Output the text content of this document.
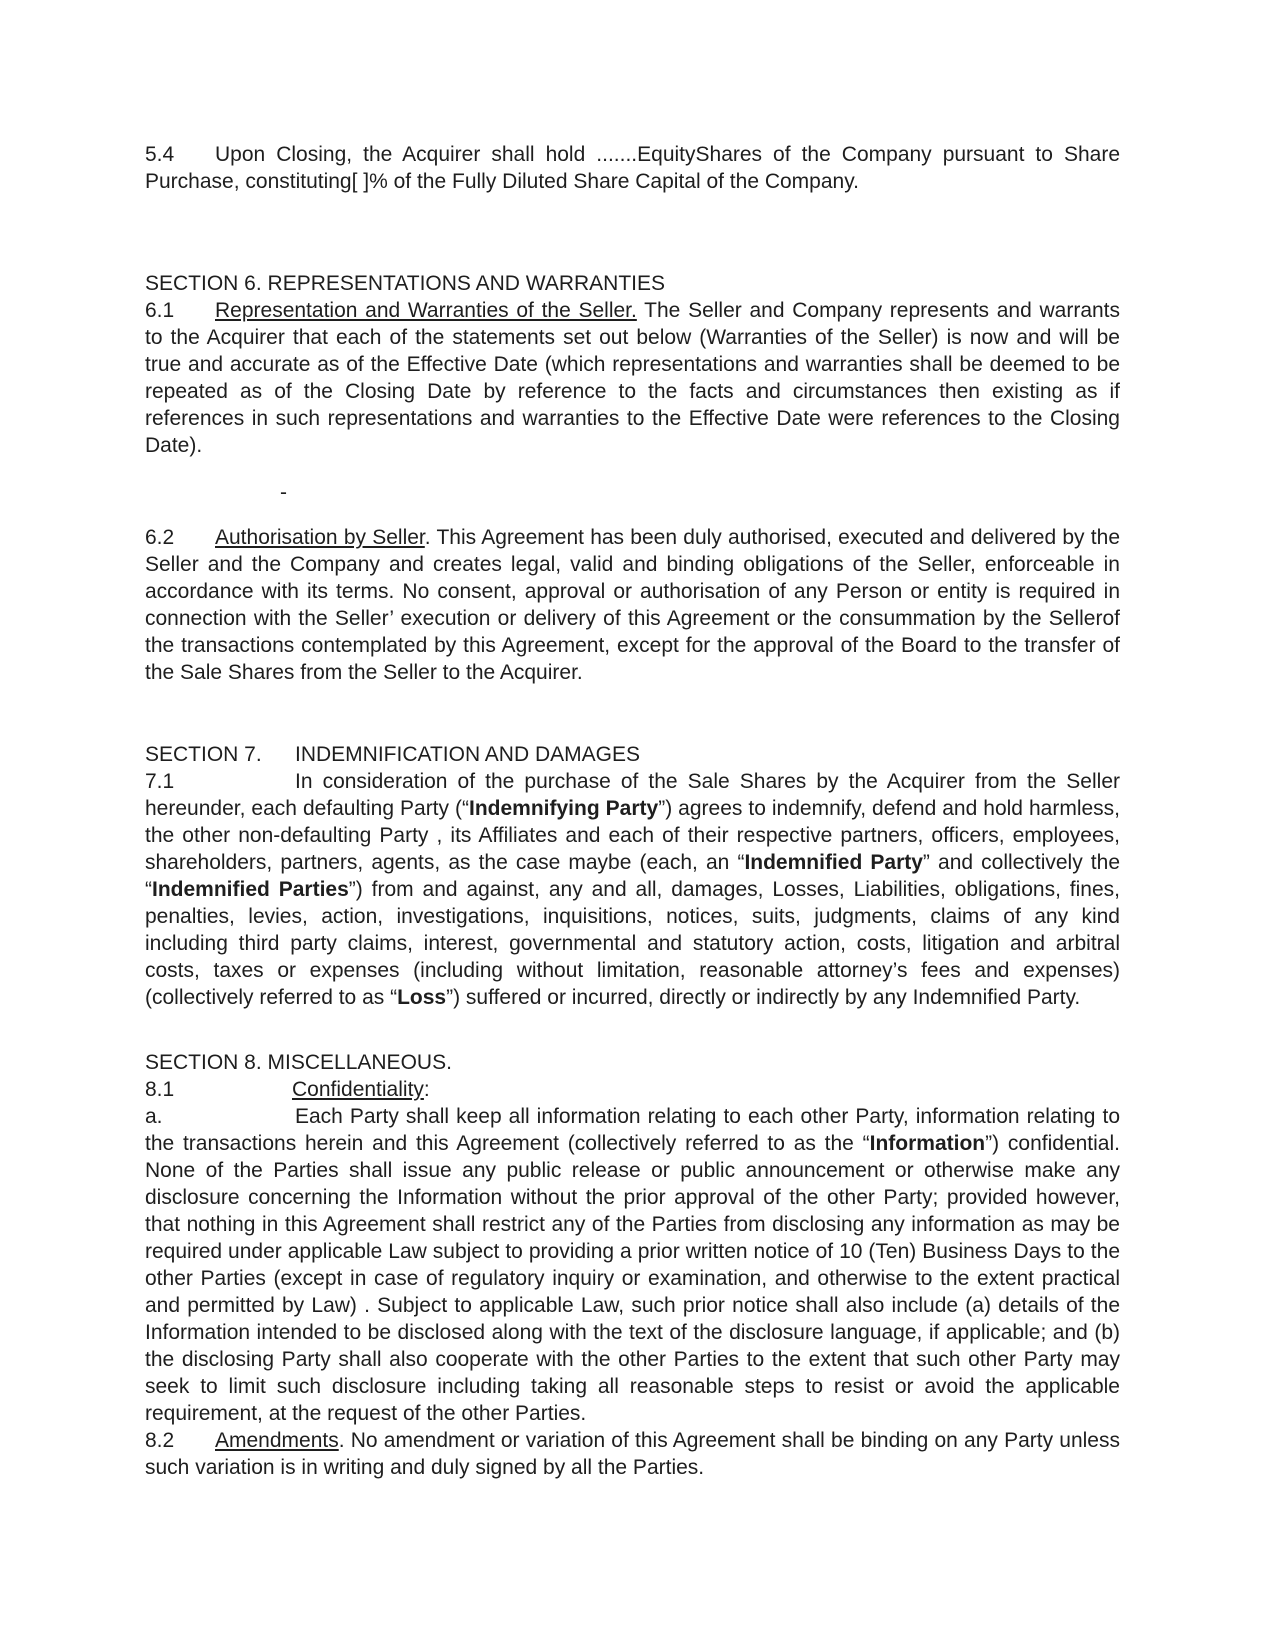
5.4 Upon Closing, the Acquirer shall hold .......EquityShares of the Company pursuant to Share Purchase, constituting[ ]% of the Fully Diluted Share Capital of the Company.
SECTION 6. REPRESENTATIONS AND WARRANTIES
6.1 Representation and Warranties of the Seller. The Seller and Company represents and warrants to the Acquirer that each of the statements set out below (Warranties of the Seller) is now and will be true and accurate as of the Effective Date (which representations and warranties shall be deemed to be repeated as of the Closing Date by reference to the facts and circumstances then existing as if references in such representations and warranties to the Effective Date were references to the Closing Date).
-
6.2 Authorisation by Seller. This Agreement has been duly authorised, executed and delivered by the Seller and the Company and creates legal, valid and binding obligations of the Seller, enforceable in accordance with its terms. No consent, approval or authorisation of any Person or entity is required in connection with the Seller’ execution or delivery of this Agreement or the consummation by the Sellerof the transactions contemplated by this Agreement, except for the approval of the Board to the transfer of the Sale Shares from the Seller to the Acquirer.
SECTION 7. INDEMNIFICATION AND DAMAGES
7.1	In consideration of the purchase of the Sale Shares by the Acquirer from the Seller hereunder, each defaulting Party (“Indemnifying Party”) agrees to indemnify, defend and hold harmless, the other non-defaulting Party , its Affiliates and each of their respective partners, officers, employees, shareholders, partners, agents, as the case maybe (each, an “Indemnified Party” and collectively the “Indemnified Parties”) from and against, any and all, damages, Losses, Liabilities, obligations, fines, penalties, levies, action, investigations, inquisitions, notices, suits, judgments, claims of any kind including third party claims, interest, governmental and statutory action, costs, litigation and arbitral costs, taxes or expenses (including without limitation, reasonable attorney’s fees and expenses) (collectively referred to as “Loss”) suffered or incurred, directly or indirectly by any Indemnified Party.
SECTION 8. MISCELLANEOUS.
8.1	Confidentiality:
a.	Each Party shall keep all information relating to each other Party, information relating to the transactions herein and this Agreement (collectively referred to as the “Information”) confidential. None of the Parties shall issue any public release or public announcement or otherwise make any disclosure concerning the Information without the prior approval of the other Party; provided however, that nothing in this Agreement shall restrict any of the Parties from disclosing any information as may be required under applicable Law subject to providing a prior written notice of 10 (Ten) Business Days to the other Parties (except in case of regulatory inquiry or examination, and otherwise to the extent practical and permitted by Law) . Subject to applicable Law, such prior notice shall also include (a) details of the Information intended to be disclosed along with the text of the disclosure language, if applicable; and (b) the disclosing Party shall also cooperate with the other Parties to the extent that such other Party may seek to limit such disclosure including taking all reasonable steps to resist or avoid the applicable requirement, at the request of the other Parties.
8.2 Amendments. No amendment or variation of this Agreement shall be binding on any Party unless such variation is in writing and duly signed by all the Parties.
